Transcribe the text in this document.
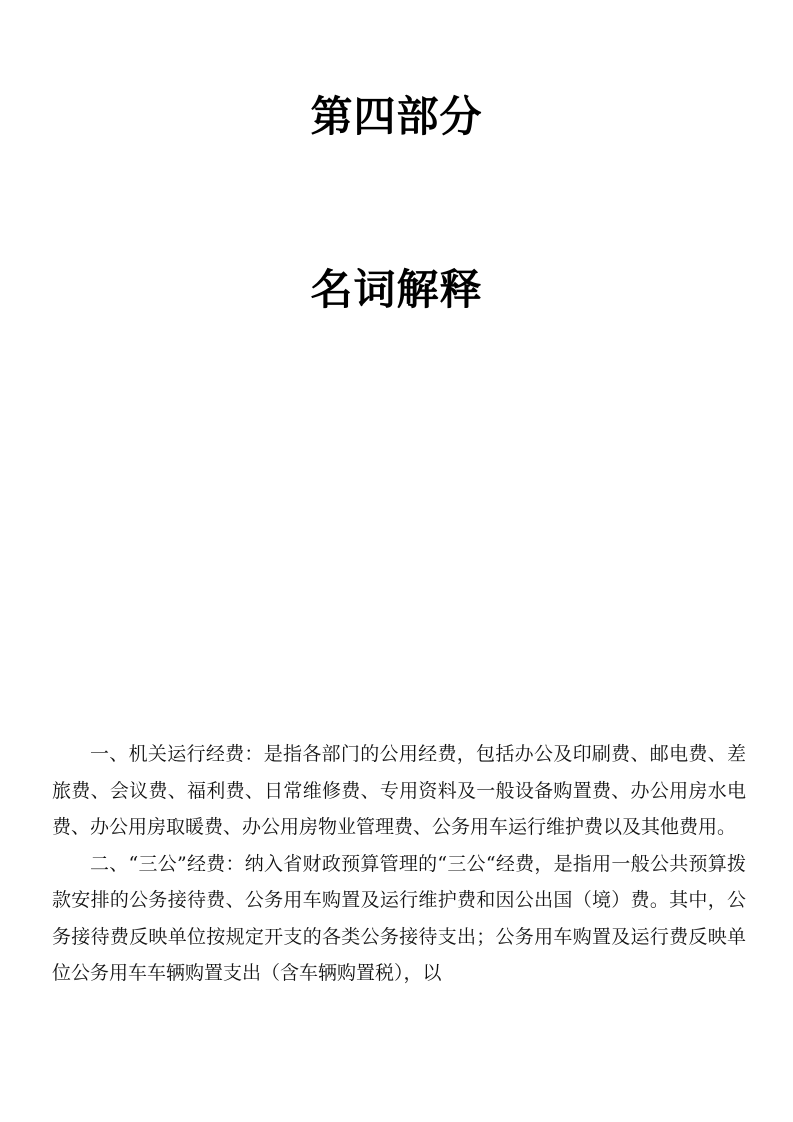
第四部分
名词解释

一、机关运行经费：是指各部门的公用经费，包括办公及印刷费、邮电费、差旅费、会议费、福利费、日常维修费、专用资料及一般设备购置费、办公用房水电费、办公用房取暖费、办公用房物业管理费、公务用车运行维护费以及其他费用。

二、“三公”经费：纳入省财政预算管理的“三公“经费，是指用一般公共预算拨款安排的公务接待费、公务用车购置及运行维护费和因公出国（境）费。其中，公务接待费反映单位按规定开支的各类公务接待支出；公务用车购置及运行费反映单位公务用车车辆购置支出（含车辆购置税），以
